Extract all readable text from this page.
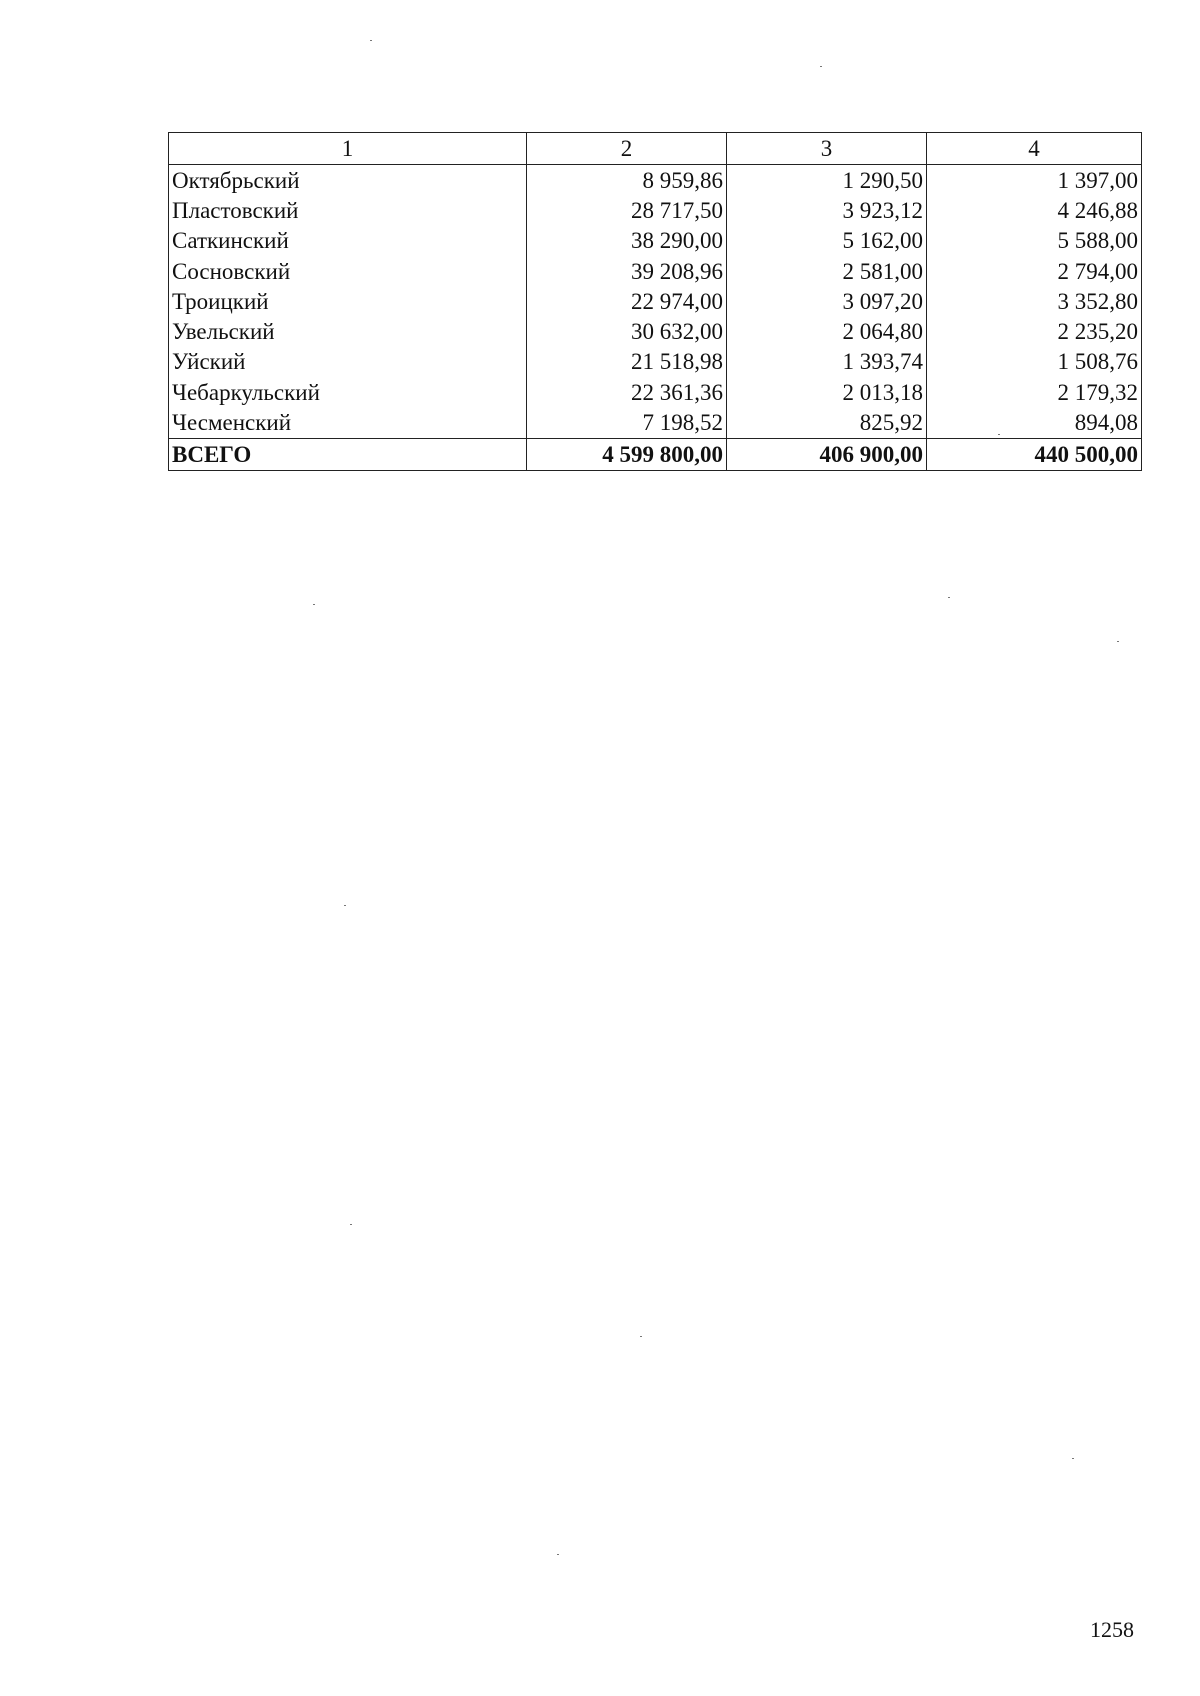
1	2	3	4
Октябрьский	8 959,86	1 290,50	1 397,00
Пластовский	28 717,50	3 923,12	4 246,88
Саткинский	38 290,00	5 162,00	5 588,00
Сосновский	39 208,96	2 581,00	2 794,00
Троицкий	22 974,00	3 097,20	3 352,80
Увельский	30 632,00	2 064,80	2 235,20
Уйский	21 518,98	1 393,74	1 508,76
Чебаркульский	22 361,36	2 013,18	2 179,32
Чесменский	7 198,52	825,92	894,08
ВСЕГО	4 599 800,00	406 900,00	440 500,00
1258
